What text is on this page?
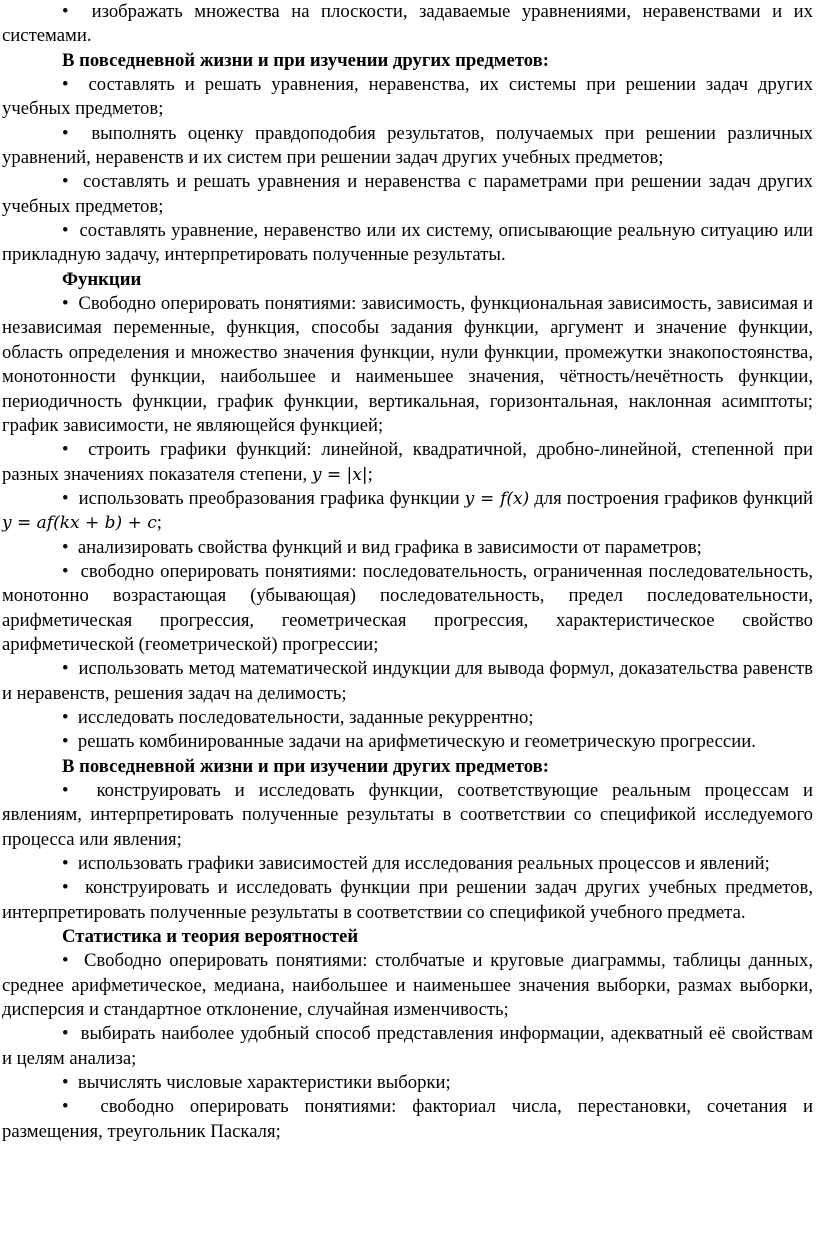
•  изображать множества на плоскости, задаваемые уравнениями, неравенствами и их системами.

В повседневной жизни и при изучении других предметов:

•  составлять и решать уравнения, неравенства, их системы при решении задач других учебных предметов;

•  выполнять оценку правдоподобия результатов, получаемых при решении различных уравнений, неравенств и их систем при решении задач других учебных предметов;

•  составлять и решать уравнения и неравенства с параметрами при решении задач других учебных предметов;

•  составлять уравнение, неравенство или их систему, описывающие реальную ситуацию или прикладную задачу, интерпретировать полученные результаты.

Функции

•  Свободно оперировать понятиями: зависимость, функциональная зависимость, зависимая и независимая переменные, функция, способы задания функции, аргумент и значение функции, область определения и множество значения функции, нули функции, промежутки знакопостоянства, монотонности функции, наибольшее и наименьшее значения, чётность/нечётность функции, периодичность функции, график функции, вертикальная, горизонтальная, наклонная асимптоты; график зависимости, не являющейся функцией;

•  строить графики функций: линейной, квадратичной, дробно-линейной, степенной при разных значениях показателя степени, y = |x|;

•  использовать преобразования графика функции y = f(x) для построения графиков функций y = af(kx + b) + c;

•  анализировать свойства функций и вид графика в зависимости от параметров;

•  свободно оперировать понятиями: последовательность, ограниченная последовательность, монотонно возрастающая (убывающая) последовательность, предел последовательности, арифметическая прогрессия, геометрическая прогрессия, характеристическое свойство арифметической (геометрической) прогрессии;

•  использовать метод математической индукции для вывода формул, доказательства равенств и неравенств, решения задач на делимость;

•  исследовать последовательности, заданные рекуррентно;

•  решать комбинированные задачи на арифметическую и геометрическую прогрессии.

В повседневной жизни и при изучении других предметов:

•  конструировать и исследовать функции, соответствующие реальным процессам и явлениям, интерпретировать полученные результаты в соответствии со спецификой исследуемого процесса или явления;

•  использовать графики зависимостей для исследования реальных процессов и явлений;

•  конструировать и исследовать функции при решении задач других учебных предметов, интерпретировать полученные результаты в соответствии со спецификой учебного предмета.

Статистика и теория вероятностей

•  Свободно оперировать понятиями: столбчатые и круговые диаграммы, таблицы данных, среднее арифметическое, медиана, наибольшее и наименьшее значения выборки, размах выборки, дисперсия и стандартное отклонение, случайная изменчивость;

•  выбирать наиболее удобный способ представления информации, адекватный её свойствам и целям анализа;

•  вычислять числовые характеристики выборки;

•  свободно оперировать понятиями: факториал числа, перестановки, сочетания и размещения, треугольник Паскаля;
